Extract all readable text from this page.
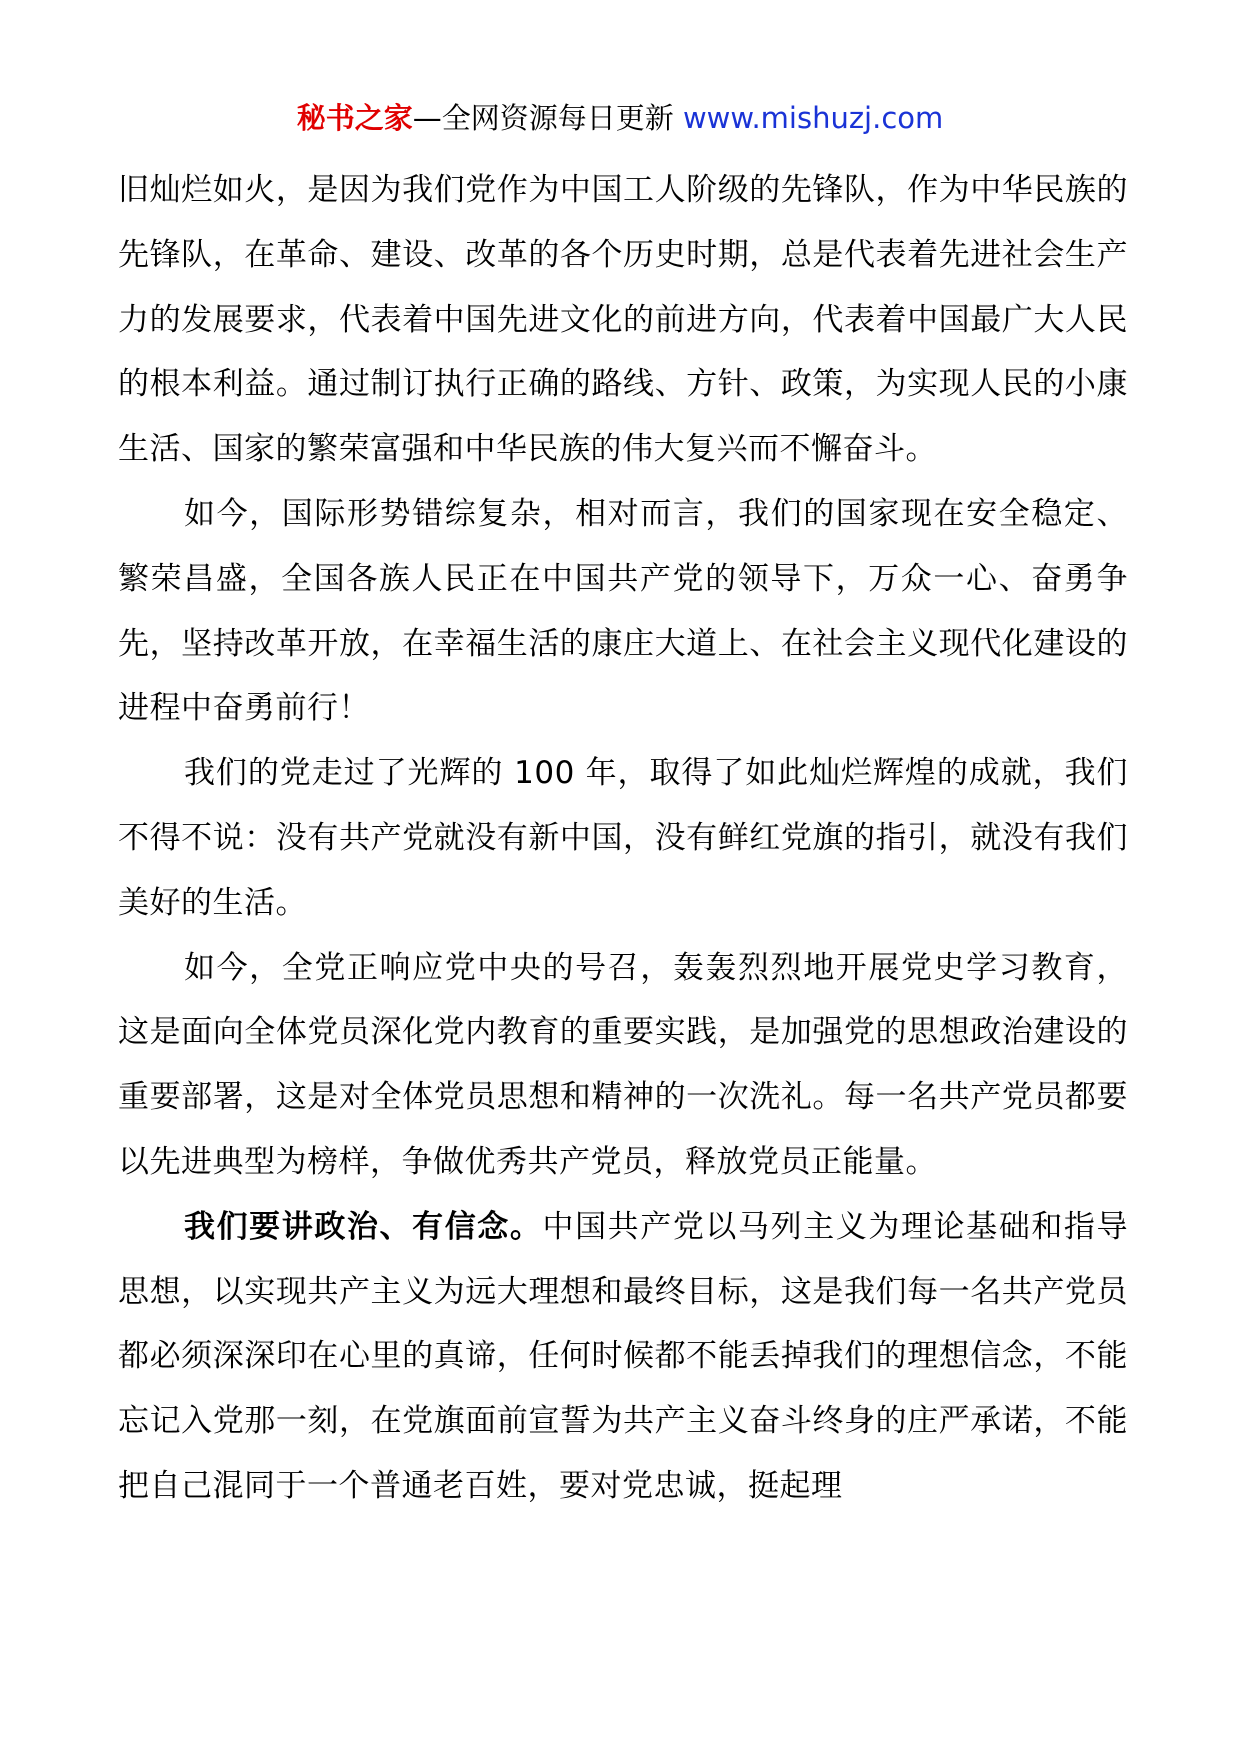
秘书之家—全网资源每日更新 www.mishuzj.com

旧灿烂如火，是因为我们党作为中国工人阶级的先锋队，作为中华民族的先锋队，在革命、建设、改革的各个历史时期，总是代表着先进社会生产力的发展要求，代表着中国先进文化的前进方向，代表着中国最广大人民的根本利益。通过制订执行正确的路线、方针、政策，为实现人民的小康生活、国家的繁荣富强和中华民族的伟大复兴而不懈奋斗。

如今，国际形势错综复杂，相对而言，我们的国家现在安全稳定、繁荣昌盛，全国各族人民正在中国共产党的领导下，万众一心、奋勇争先，坚持改革开放，在幸福生活的康庄大道上、在社会主义现代化建设的进程中奋勇前行！

我们的党走过了光辉的 100 年，取得了如此灿烂辉煌的成就，我们不得不说：没有共产党就没有新中国，没有鲜红党旗的指引，就没有我们美好的生活。

如今，全党正响应党中央的号召，轰轰烈烈地开展党史学习教育，这是面向全体党员深化党内教育的重要实践，是加强党的思想政治建设的重要部署，这是对全体党员思想和精神的一次洗礼。每一名共产党员都要以先进典型为榜样，争做优秀共产党员，释放党员正能量。

我们要讲政治、有信念。中国共产党以马列主义为理论基础和指导思想，以实现共产主义为远大理想和最终目标，这是我们每一名共产党员都必须深深印在心里的真谛，任何时候都不能丢掉我们的理想信念，不能忘记入党那一刻，在党旗面前宣誓为共产主义奋斗终身的庄严承诺，不能把自己混同于一个普通老百姓，要对党忠诚，挺起理
